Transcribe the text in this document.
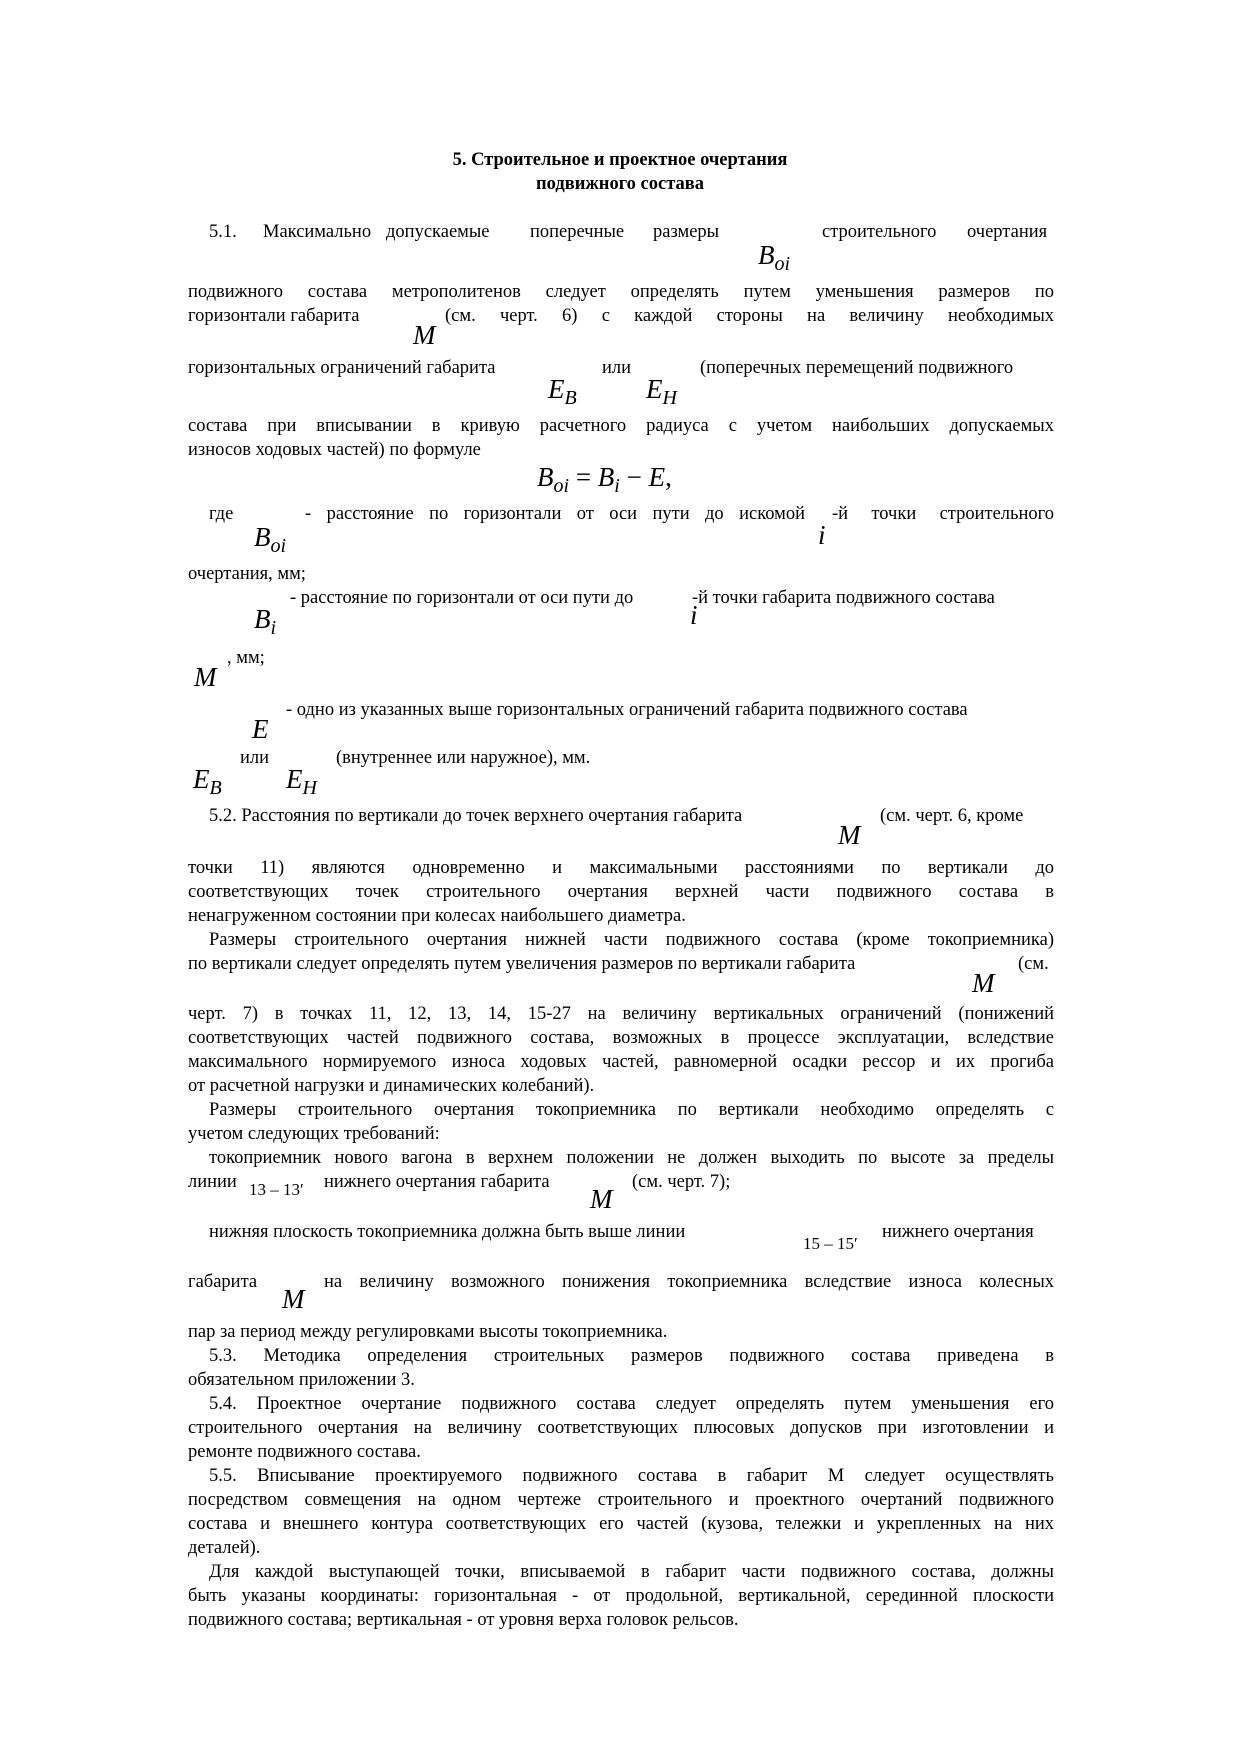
5. Строительное и проектное очертания
подвижного состава
5.1. Максимально допускаемые поперечные размеры	строительного очертания
$B_{oi}$
подвижного состава метрополитенов следует определять путем уменьшения размеров по
горизонтали габарита	(см. черт. 6) с каждой стороны на величину необходимых
M
горизонтальных ограничений габарита	или	(поперечных перемещений подвижного
$E_B$	$E_H$
состава при вписывании в кривую расчетного радиуса с учетом наибольших допускаемых
износов ходовых частей) по формуле
$B_{oi} = B_i - E$,
где	- расстояние по горизонтали от оси пути до искомой -й точки строительного
$B_{oi}$	i
очертания, мм;
- расстояние по горизонтали от оси пути до	-й точки габарита подвижного состава
$B_i$	i
, мм;
M
- одно из указанных выше горизонтальных ограничений габарита подвижного состава
E
или	(внутреннее или наружное), мм.
$E_B$ $E_H$
5.2. Расстояния по вертикали до точек верхнего очертания габарита	(см. черт. 6, кроме
M
точки 11) являются одновременно и максимальными расстояниями по вертикали до
соответствующих точек строительного очертания верхней части подвижного состава в
ненагруженном состоянии при колесах наибольшего диаметра.
Размеры строительного очертания нижней части подвижного состава (кроме токоприемника)
по вертикали следует определять путем увеличения размеров по вертикали габарита	(см.
M
черт. 7) в точках 11, 12, 13, 14, 15-27 на величину вертикальных ограничений (понижений
соответствующих частей подвижного состава, возможных в процессе эксплуатации, вследствие
максимального нормируемого износа ходовых частей, равномерной осадки рессор и их прогиба
от расчетной нагрузки и динамических колебаний).
Размеры строительного очертания токоприемника по вертикали необходимо определять с
учетом следующих требований:
токоприемник нового вагона в верхнем положении не должен выходить по высоте за пределы
линии 13 – 13′ нижнего очертания габарита	(см. черт. 7);
M
нижняя плоскость токоприемника должна быть выше линии	нижнего очертания
15 – 15′
габарита	на величину возможного понижения токоприемника вследствие износа колесных
M
пар за период между регулировками высоты токоприемника.
5.3. Методика определения строительных размеров подвижного состава приведена в
обязательном приложении 3.
5.4. Проектное очертание подвижного состава следует определять путем уменьшения его
строительного очертания на величину соответствующих плюсовых допусков при изготовлении и
ремонте подвижного состава.
5.5. Вписывание проектируемого подвижного состава в габарит М следует осуществлять
посредством совмещения на одном чертеже строительного и проектного очертаний подвижного
состава и внешнего контура соответствующих его частей (кузова, тележки и укрепленных на них
деталей).
Для каждой выступающей точки, вписываемой в габарит части подвижного состава, должны
быть указаны координаты: горизонтальная - от продольной, вертикальной, серединной плоскости
подвижного состава; вертикальная - от уровня верха головок рельсов.
